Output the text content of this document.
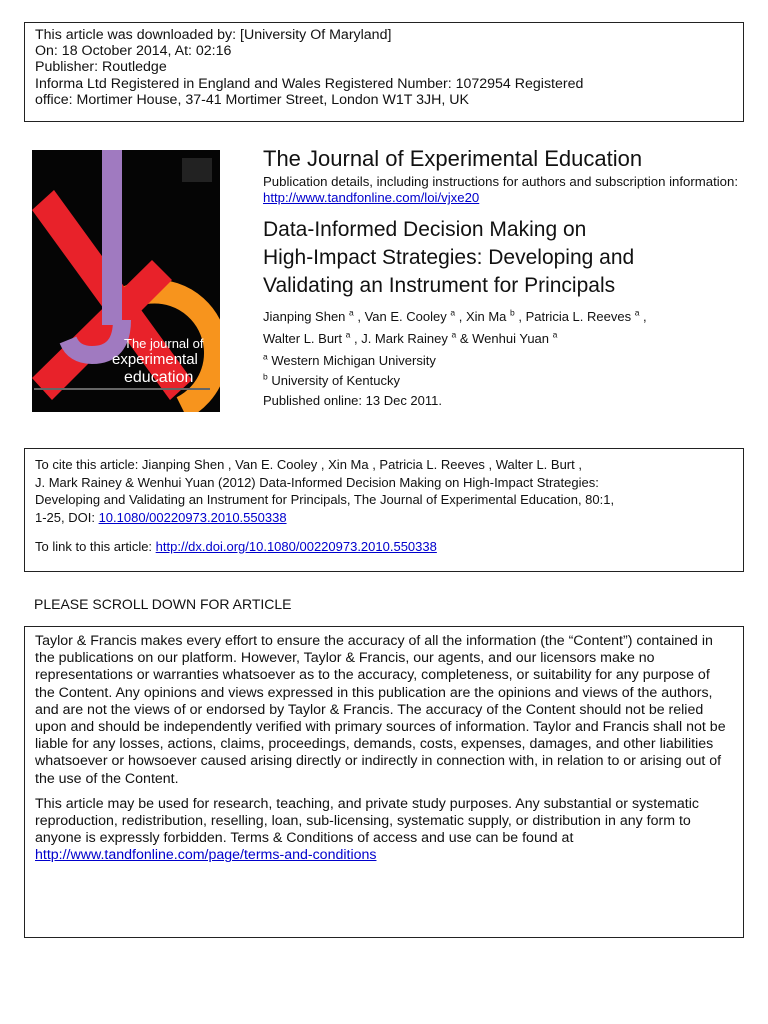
This article was downloaded by: [University Of Maryland]
On: 18 October 2014, At: 02:16
Publisher: Routledge
Informa Ltd Registered in England and Wales Registered Number: 1072954 Registered
office: Mortimer House, 37-41 Mortimer Street, London W1T 3JH, UK
The journal of
experimental
education
The Journal of Experimental Education
Publication details, including instructions for authors and subscription information:
http://www.tandfonline.com/loi/vjxe20
Data-Informed Decision Making on
High-Impact Strategies: Developing and
Validating an Instrument for Principals
Jianping Shen $^a$ , Van E. Cooley $^a$ , Xin Ma $^b$ , Patricia L. Reeves $^a$ ,
Walter L. Burt $^a$ , J. Mark Rainey $^a$ & Wenhui Yuan $^a$
$^a$ Western Michigan University
$^b$ University of Kentucky
Published online: 13 Dec 2011.
To cite this article: Jianping Shen , Van E. Cooley , Xin Ma , Patricia L. Reeves , Walter L. Burt ,
J. Mark Rainey & Wenhui Yuan (2012) Data-Informed Decision Making on High-Impact Strategies:
Developing and Validating an Instrument for Principals, The Journal of Experimental Education, 80:1,
1-25, DOI: 10.1080/00220973.2010.550338
To link to this article: http://dx.doi.org/10.1080/00220973.2010.550338
PLEASE SCROLL DOWN FOR ARTICLE

Taylor & Francis makes every effort to ensure the accuracy of all the information (the “Content”) contained in the publications on our platform. However, Taylor & Francis, our agents, and our licensors make no representations or warranties whatsoever as to the accuracy, completeness, or suitability for any purpose of the Content. Any opinions and views expressed in this publication are the opinions and views of the authors, and are not the views of or endorsed by Taylor & Francis. The accuracy of the Content should not be relied upon and should be independently verified with primary sources of information. Taylor and Francis shall not be liable for any losses, actions, claims, proceedings, demands, costs, expenses, damages, and other liabilities whatsoever or howsoever caused arising directly or indirectly in connection with, in relation to or arising out of the use of the Content.

This article may be used for research, teaching, and private study purposes. Any substantial or systematic reproduction, redistribution, reselling, loan, sub-licensing, systematic supply, or distribution in any form to anyone is expressly forbidden. Terms & Conditions of access and use can be found at http://www.tandfonline.com/page/terms-and-conditions
